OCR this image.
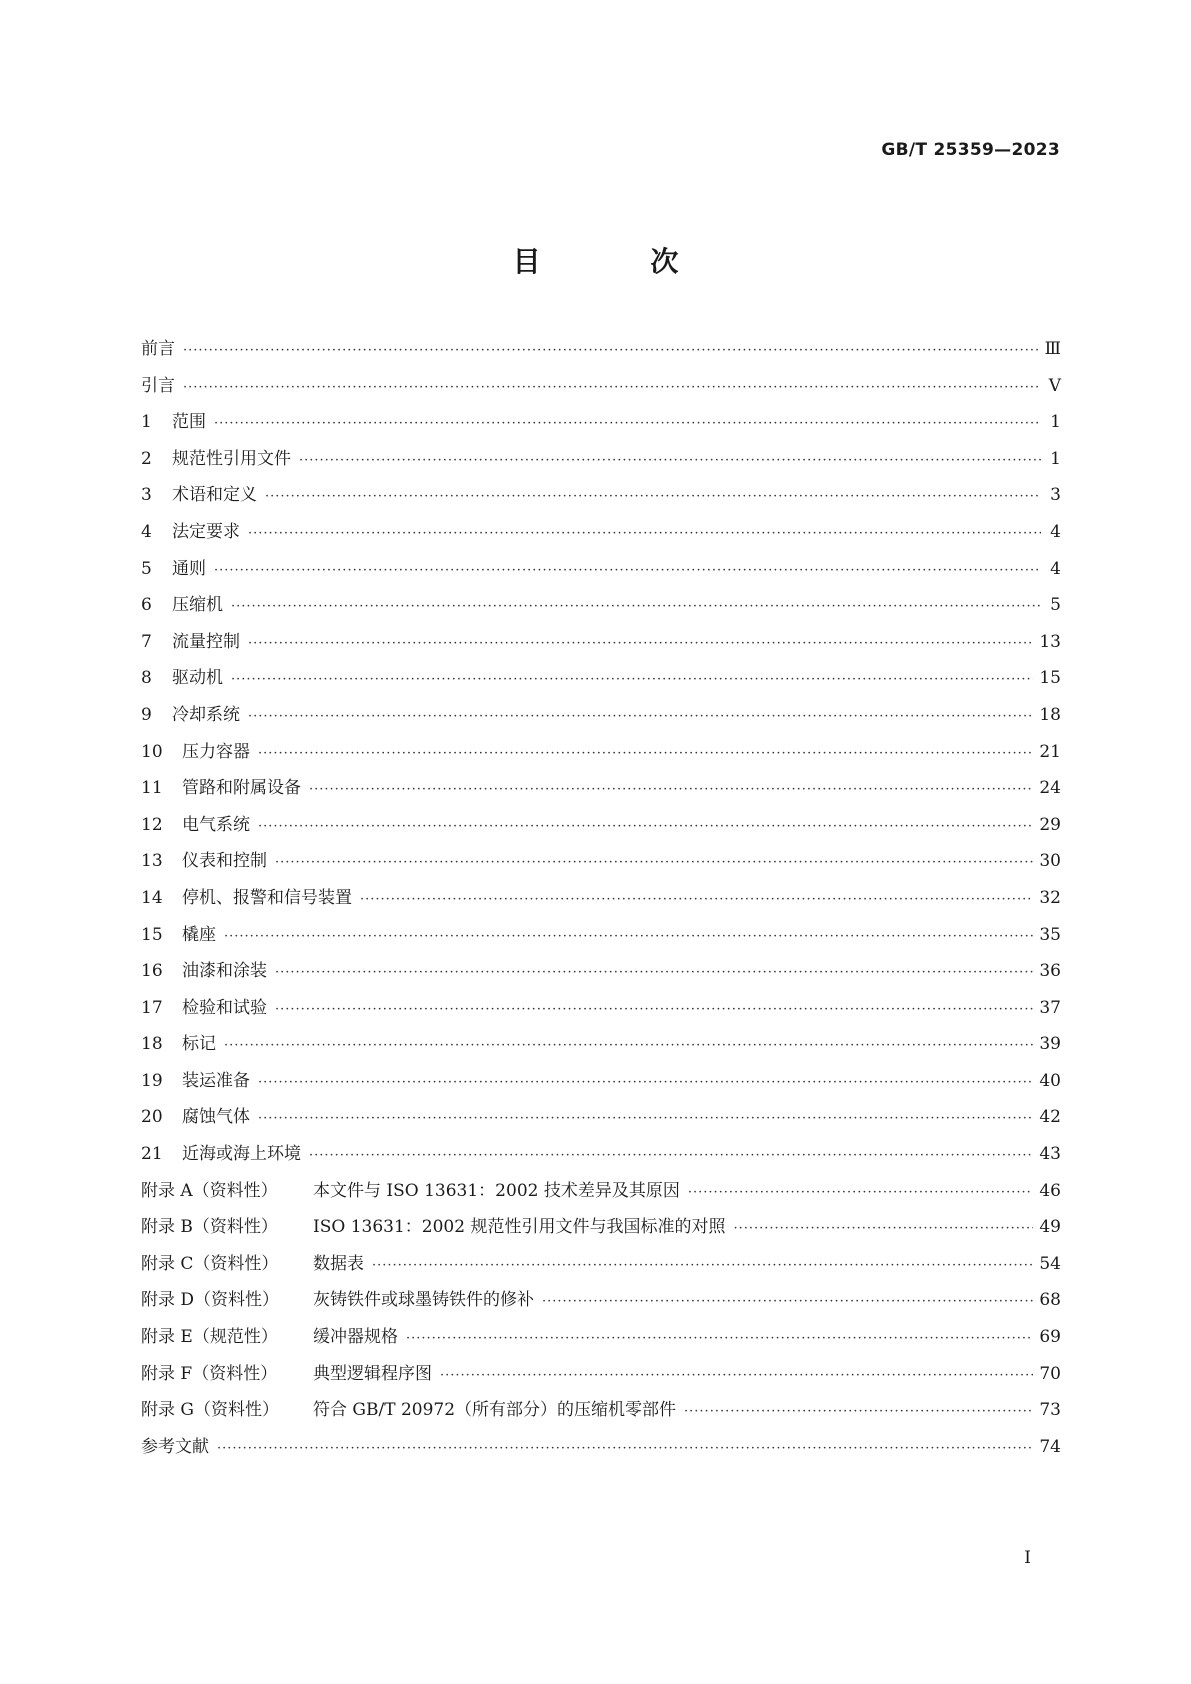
GB/T 25359—2023
目 次
前言 ·····	Ⅲ
引言 ·····	Ⅴ
1	范围 ·····	1
2	规范性引用文件 ·····	1
3	术语和定义 ·····	3
4	法定要求 ·····	4
5	通则 ·····	4
6	压缩机 ·····	5
7	流量控制 ·····	13
8	驱动机 ·····	15
9	冷却系统 ·····	18
10	压力容器 ·····	21
11	管路和附属设备 ·····	24
12	电气系统 ·····	29
13	仪表和控制 ·····	30
14	停机、报警和信号装置 ·····	32
15	橇座 ·····	35
16	油漆和涂装 ·····	36
17	检验和试验 ·····	37
18	标记 ·····	39
19	装运准备 ·····	40
20	腐蚀气体 ·····	42
21	近海或海上环境 ·····	43
附录 A（资料性）	本文件与 ISO 13631：2002 技术差异及其原因 ·····	46
附录 B（资料性）	ISO 13631：2002 规范性引用文件与我国标准的对照 ·····	49
附录 C（资料性）	数据表 ·····	54
附录 D（资料性）	灰铸铁件或球墨铸铁件的修补 ·····	68
附录 E（规范性）	缓冲器规格 ·····	69
附录 F（资料性）	典型逻辑程序图 ·····	70
附录 G（资料性）	符合 GB/T 20972（所有部分）的压缩机零部件 ·····	73
参考文献 ·····	74
Ⅰ
